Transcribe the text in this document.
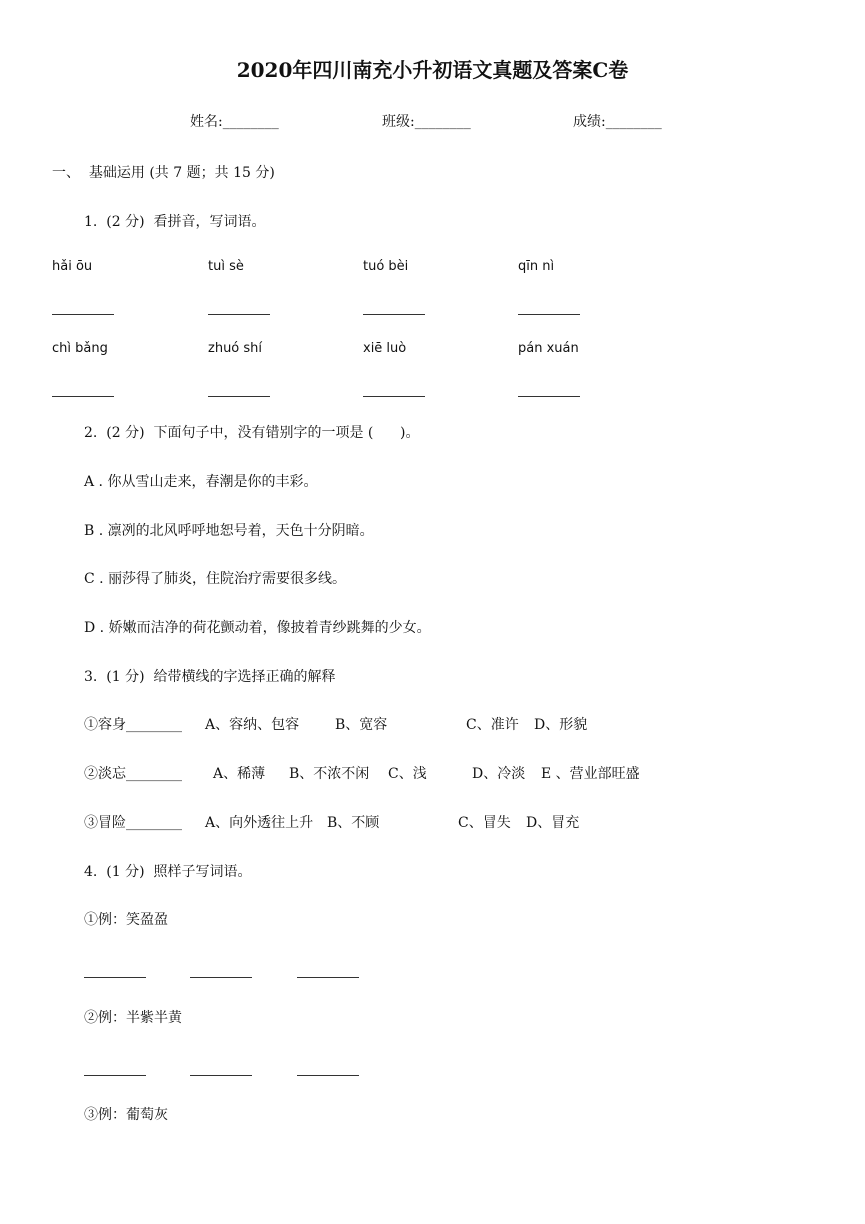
2020年四川南充小升初语文真题及答案C卷
姓名:________	班级:________	成绩:________
一、  基础运用 (共 7 题；共 15 分)
1.  (2 分)  看拼音，写词语。
hǎi ōu	tuì sè	tuó bèi	qīn nì
chì bǎng	zhuó shí	xiē luò	pán xuán
2.  (2 分)  下面句子中，没有错别字的一项是 (      )。
A . 你从雪山走来，春潮是你的丰彩。
B . 凛冽的北风呼呼地恕号着，天色十分阴暗。
C . 丽莎得了肺炎，住院治疗需要很多线。
D . 娇嫩而洁净的荷花颤动着，像披着青纱跳舞的少女。
3.  (1 分)  给带横线的字选择正确的解释
①容身________ A、容纳、包容	B、宽容	C、准许 D、形貌
②淡忘________ A、稀薄 B、不浓不闲 C、浅	D、冷淡 E 、营业部旺盛
③冒险________ A、向外透往上升 B、不顾	C、冒失 D、冒充
4.  (1 分)  照样子写词语。
①例：笑盈盈
②例：半紫半黄
③例：葡萄灰
